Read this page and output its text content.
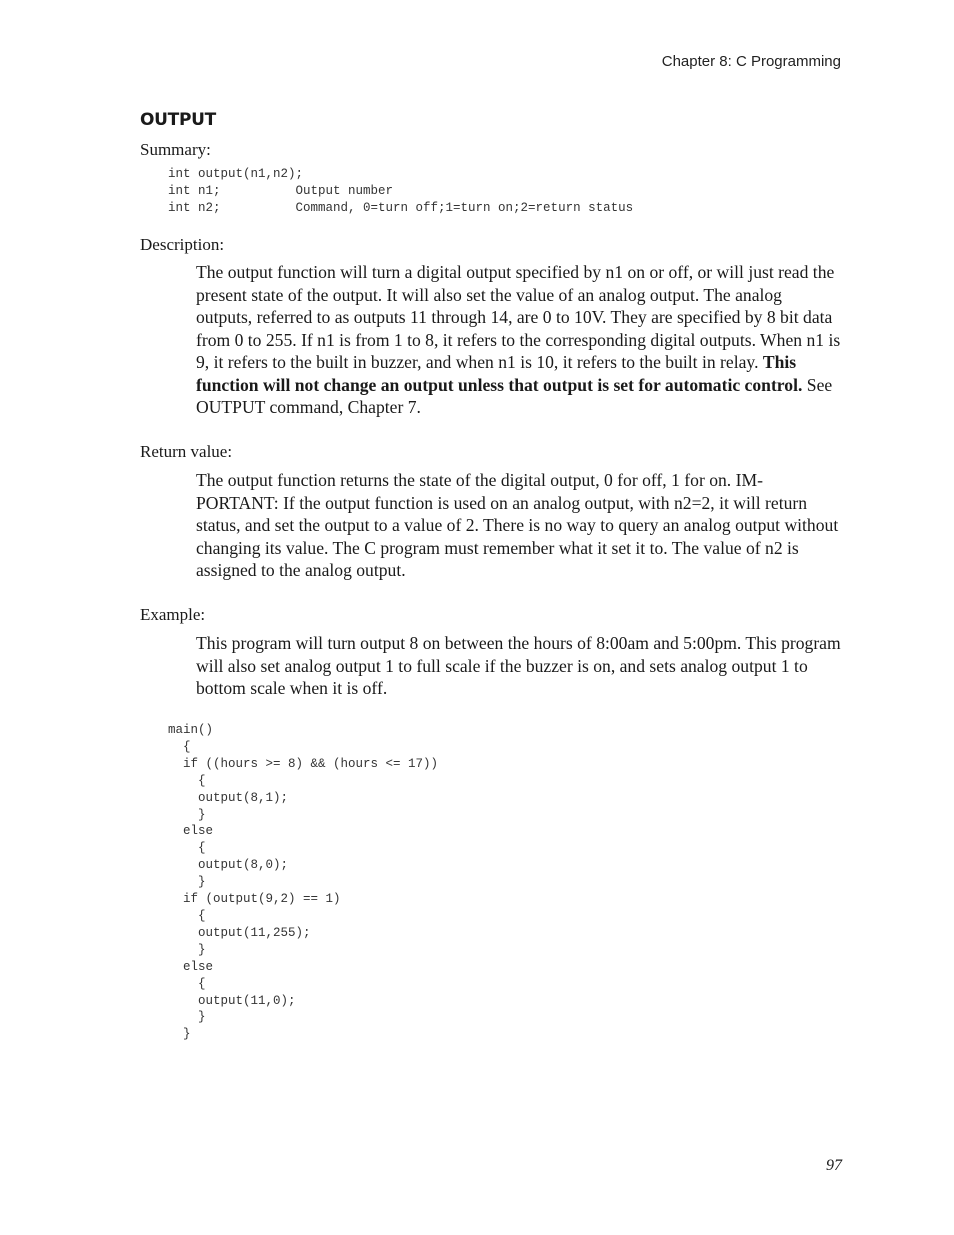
Chapter 8: C Programming
OUTPUT
Summary:
int output(n1,n2);
int n1;          Output number
int n2;          Command, 0=turn off;1=turn on;2=return status
Description:

The output function will turn a digital output specified by n1 on or off, or will just read the present state of the output. It will also set the value of an analog output. The analog outputs, referred to as outputs 11 through 14, are 0 to 10V. They are specified by 8 bit data from 0 to 255. If n1 is from 1 to 8, it refers to the corresponding digital outputs. When n1 is 9, it refers to the built in buzzer, and when n1 is 10, it refers to the built in relay. This function will not change an output unless that output is set for automatic control. See OUTPUT command, Chapter 7.

Return value:

The output function returns the state of the digital output, 0 for off, 1 for on. IM-PORTANT: If the output function is used on an analog output, with n2=2, it will return status, and set the output to a value of 2. There is no way to query an analog output without changing its value. The C program must remember what it set it to. The value of n2 is assigned to the analog output.

Example:

This program will turn output 8 on between the hours of 8:00am and 5:00pm. This program will also set analog output 1 to full scale if the buzzer is on, and sets analog output 1 to bottom scale when it is off.

main()
{
if ((hours >= 8) && (hours <= 17))
{
output(8,1);
}
else
{
output(8,0);
}
if (output(9,2) == 1)
{
output(11,255);
}
else
{
output(11,0);
}
}
97
